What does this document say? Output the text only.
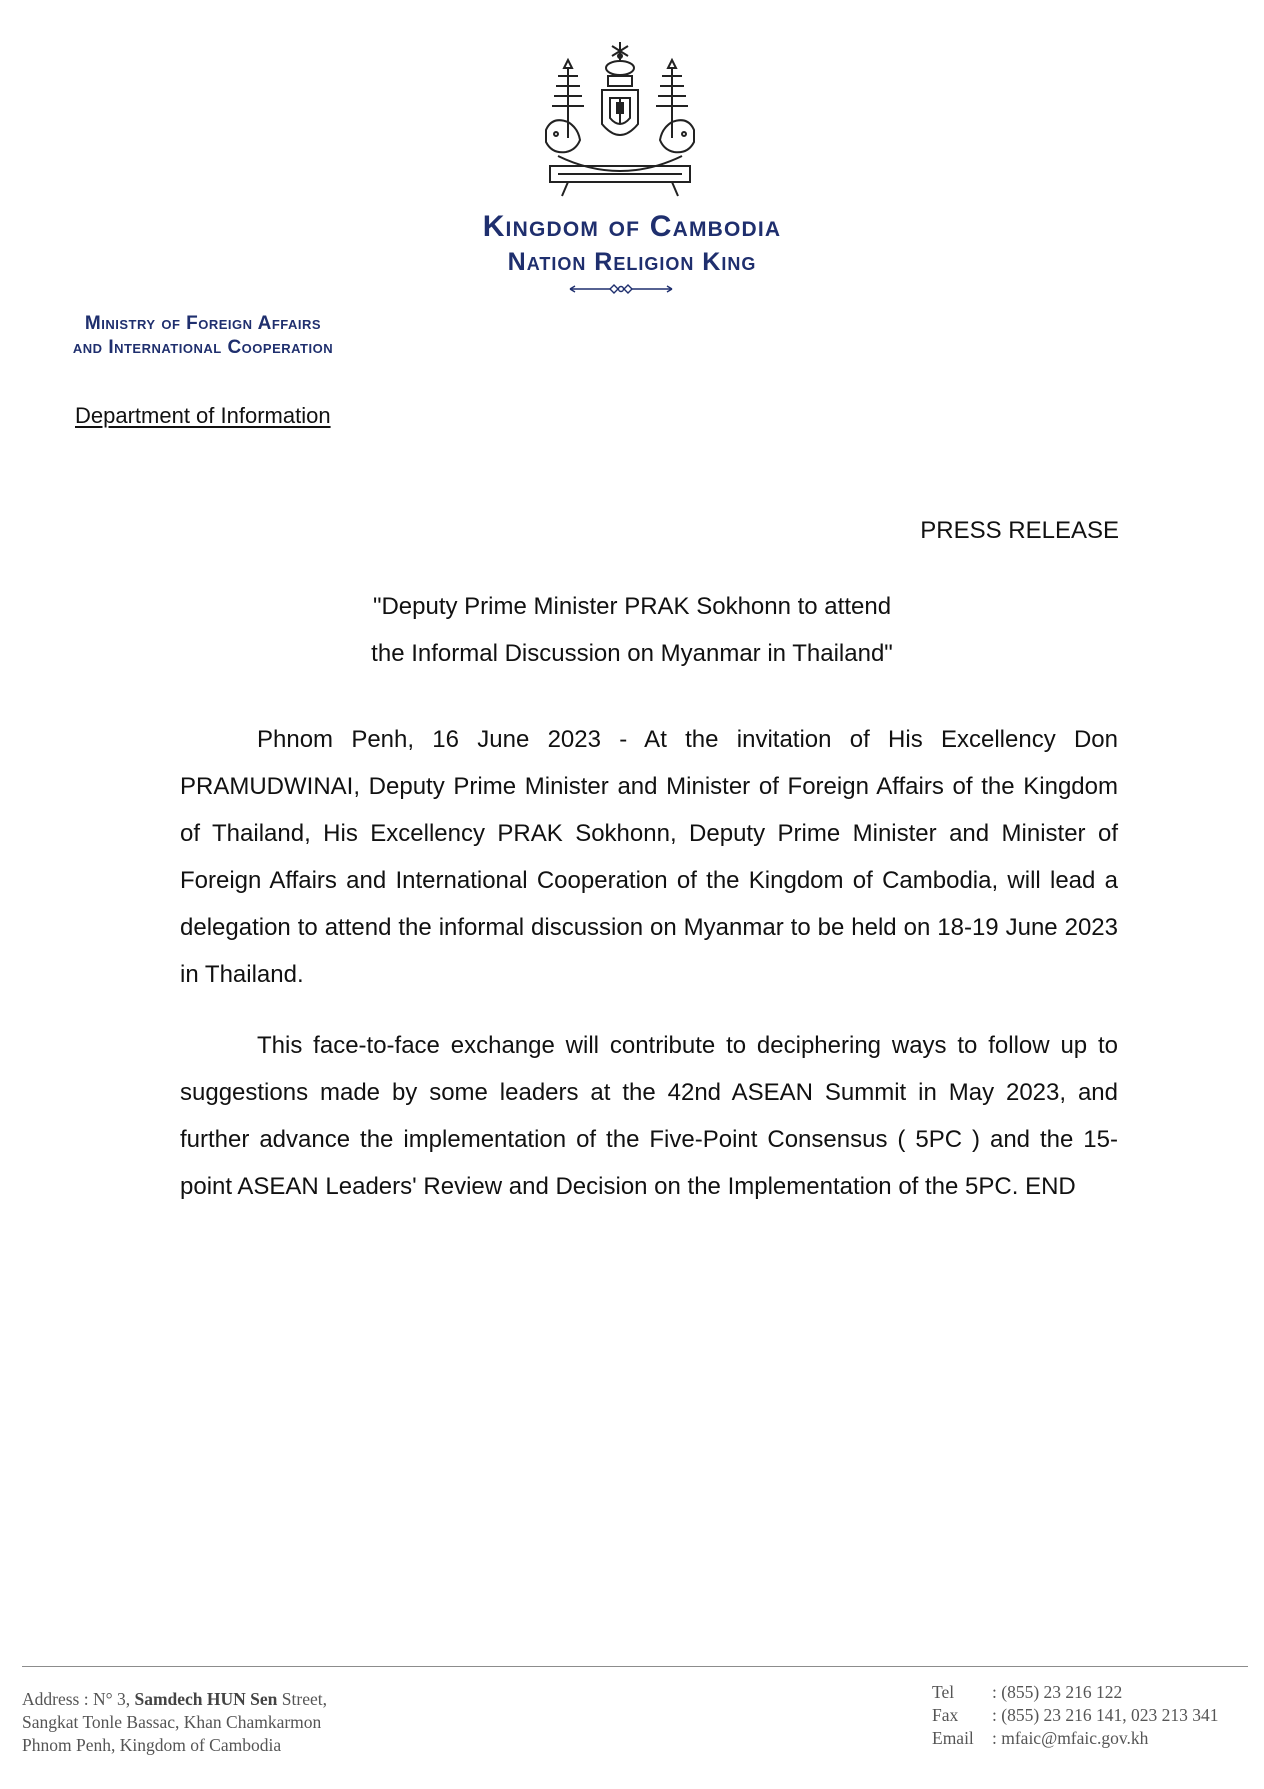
Kingdom of Cambodia
Nation Religion King
Ministry of Foreign Affairs
and International Cooperation
Department of Information
PRESS RELEASE
"Deputy Prime Minister PRAK Sokhonn to attend
the Informal Discussion on Myanmar in Thailand"

Phnom Penh, 16 June 2023 - At the invitation of His Excellency Don PRAMUDWINAI, Deputy Prime Minister and Minister of Foreign Affairs of the Kingdom of Thailand, His Excellency PRAK Sokhonn, Deputy Prime Minister and Minister of Foreign Affairs and International Cooperation of the Kingdom of Cambodia, will lead a delegation to attend the informal discussion on Myanmar to be held on 18-19 June 2023 in Thailand.

This face-to-face exchange will contribute to deciphering ways to follow up to suggestions made by some leaders at the 42nd ASEAN Summit in May 2023, and further advance the implementation of the Five-Point Consensus ( 5PC ) and the 15-point ASEAN Leaders' Review and Decision on the Implementation of the 5PC. END

Address : N° 3, Samdech HUN Sen Street,
Sangkat Tonle Bassac, Khan Chamkarmon
Phnom Penh, Kingdom of Cambodia
Tel	: (855) 23 216 122
Fax	: (855) 23 216 141, 023 213 341
Email	: mfaic@mfaic.gov.kh
